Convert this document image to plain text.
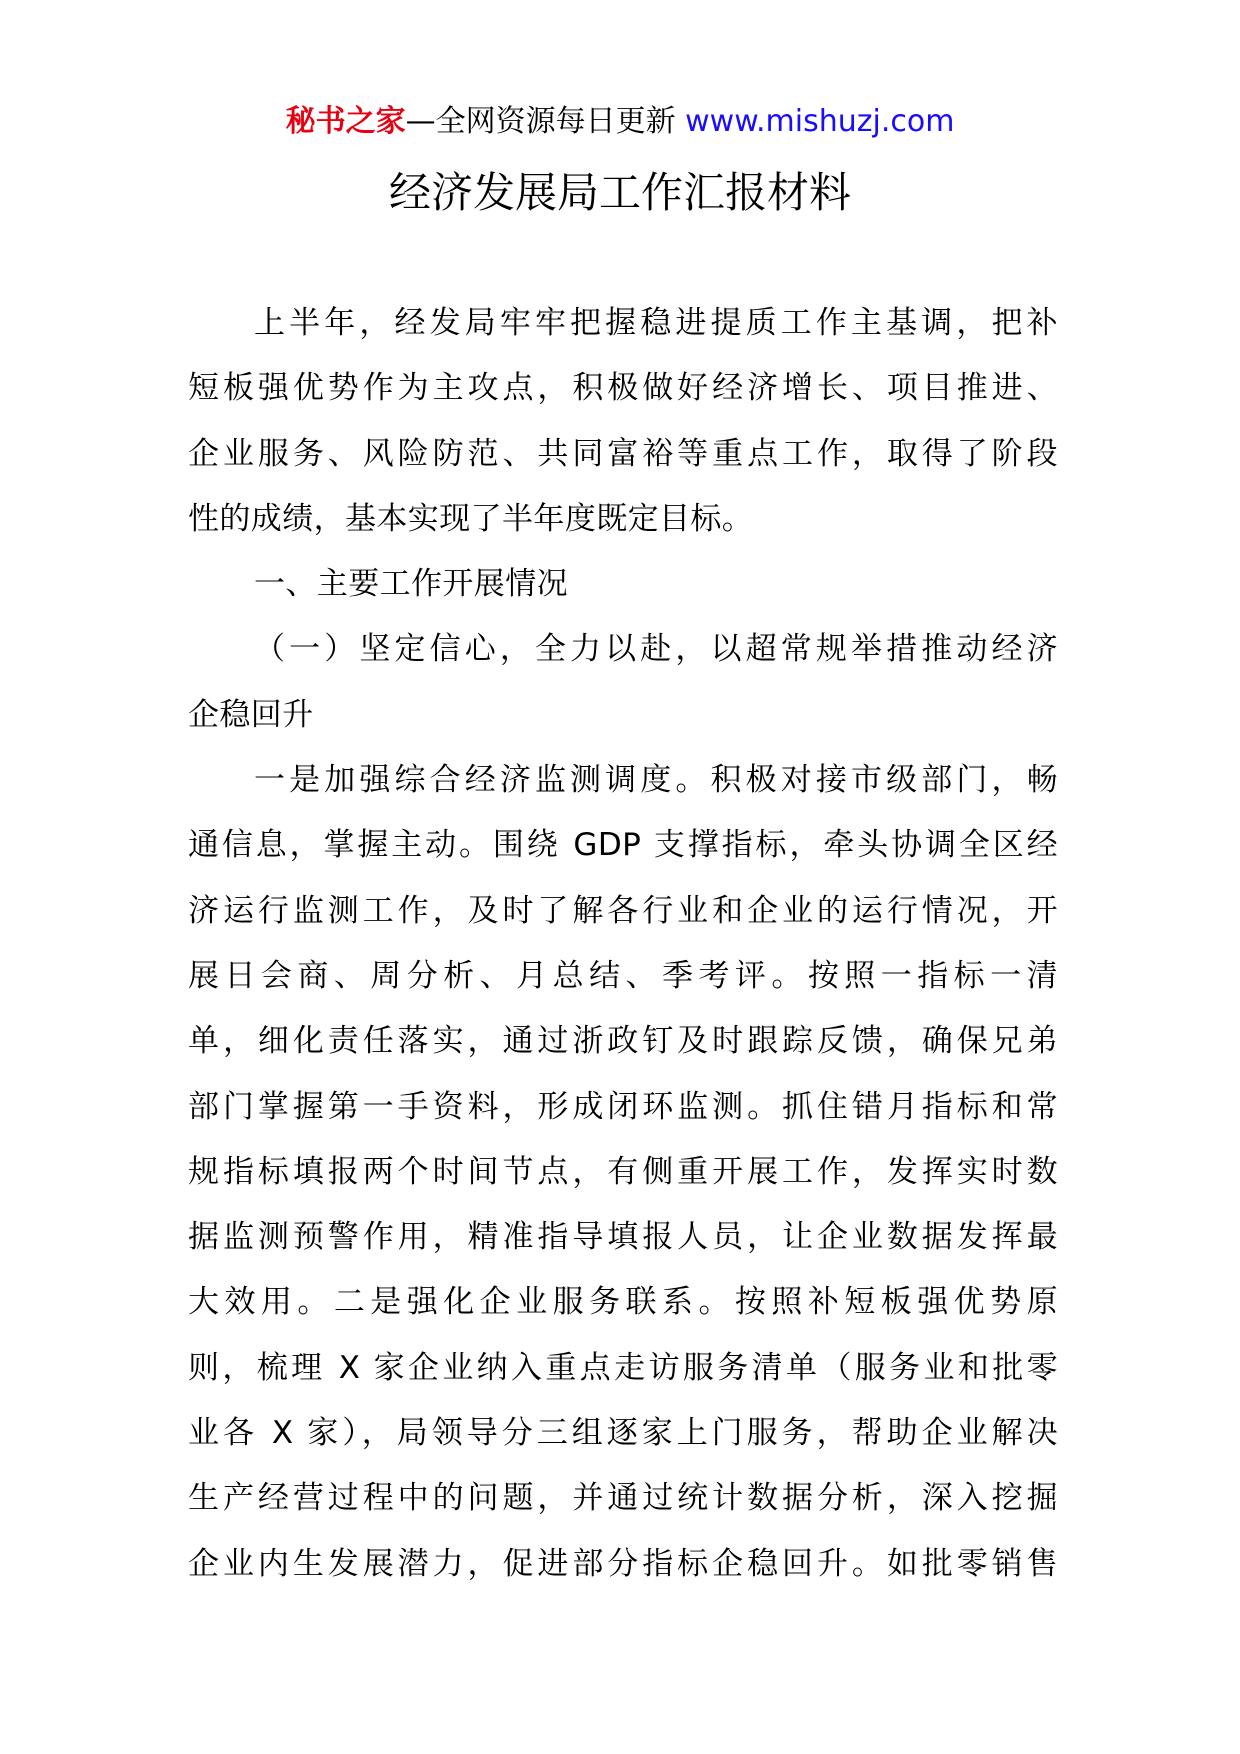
秘书之家—全网资源每日更新 www.mishuzj.com
经济发展局工作汇报材料
上半年，经发局牢牢把握稳进提质工作主基调，把补
短板强优势作为主攻点，积极做好经济增长、项目推进、
企业服务、风险防范、共同富裕等重点工作，取得了阶段
性的成绩，基本实现了半年度既定目标。
一、主要工作开展情况
（一）坚定信心，全力以赴，以超常规举措推动经济
企稳回升
一是加强综合经济监测调度。积极对接市级部门，畅
通信息，掌握主动。围绕 GDP 支撑指标，牵头协调全区经
济运行监测工作，及时了解各行业和企业的运行情况，开
展日会商、周分析、月总结、季考评。按照一指标一清
单，细化责任落实，通过浙政钉及时跟踪反馈，确保兄弟
部门掌握第一手资料，形成闭环监测。抓住错月指标和常
规指标填报两个时间节点，有侧重开展工作，发挥实时数
据监测预警作用，精准指导填报人员，让企业数据发挥最
大效用。二是强化企业服务联系。按照补短板强优势原
则，梳理 X 家企业纳入重点走访服务清单（服务业和批零
业各 X 家），局领导分三组逐家上门服务，帮助企业解决
生产经营过程中的问题，并通过统计数据分析，深入挖掘
企业内生发展潜力，促进部分指标企稳回升。如批零销售
